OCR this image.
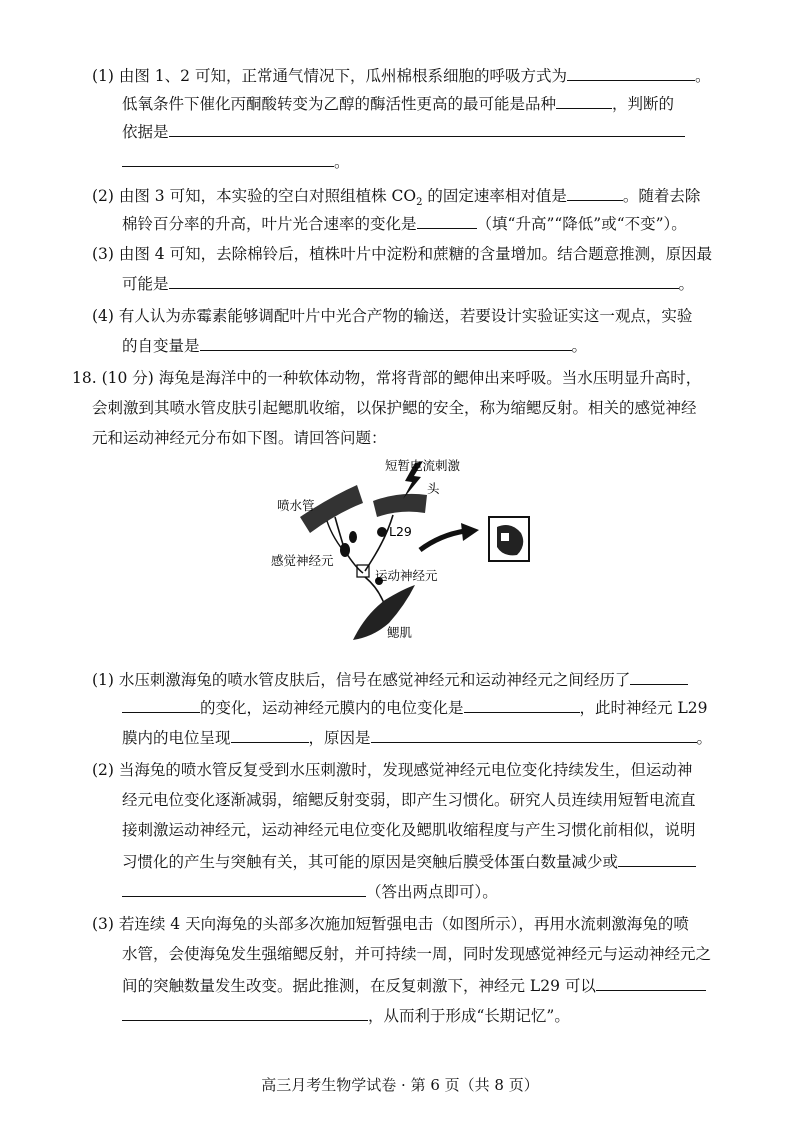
(1) 由图 1、2 可知，正常通气情况下，瓜州棉根系细胞的呼吸方式为	。
低氧条件下催化丙酮酸转变为乙醇的酶活性更高的最可能是品种	，判断的
依据是
。
(2) 由图 3 可知，本实验的空白对照组植株 $CO_2$ 的固定速率相对值是	。随着去除
棉铃百分率的升高，叶片光合速率的变化是	（填“升高”“降低”或“不变”）。
(3) 由图 4 可知，去除棉铃后，植株叶片中淀粉和蔗糖的含量增加。结合题意推测，原因最
可能是	。
(4) 有人认为赤霉素能够调配叶片中光合产物的输送，若要设计实验证实这一观点，实验
的自变量是	。
18. (10 分) 海兔是海洋中的一种软体动物，常将背部的鳃伸出来呼吸。当水压明显升高时，
会刺激到其喷水管皮肤引起鳃肌收缩，以保护鳃的安全，称为缩鳃反射。相关的感觉神经
元和运动神经元分布如下图。请回答问题：
短暂电流刺激
头
喷水管
L29
感觉神经元
运动神经元
鳃肌
(1) 水压刺激海兔的喷水管皮肤后，信号在感觉神经元和运动神经元之间经历了
的变化，运动神经元膜内的电位变化是	，此时神经元 L29
膜内的电位呈现	，原因是	。
(2) 当海兔的喷水管反复受到水压刺激时，发现感觉神经元电位变化持续发生，但运动神
经元电位变化逐渐减弱，缩鳃反射变弱，即产生习惯化。研究人员连续用短暂电流直
接刺激运动神经元，运动神经元电位变化及鳃肌收缩程度与产生习惯化前相似，说明
习惯化的产生与突触有关，其可能的原因是突触后膜受体蛋白数量减少或
（答出两点即可）。
(3) 若连续 4 天向海兔的头部多次施加短暂强电击（如图所示），再用水流刺激海兔的喷
水管，会使海兔发生强缩鳃反射，并可持续一周，同时发现感觉神经元与运动神经元之
间的突触数量发生改变。据此推测，在反复刺激下，神经元 L29 可以
，从而利于形成“长期记忆”。
高三月考生物学试卷 · 第 6 页（共 8 页）
